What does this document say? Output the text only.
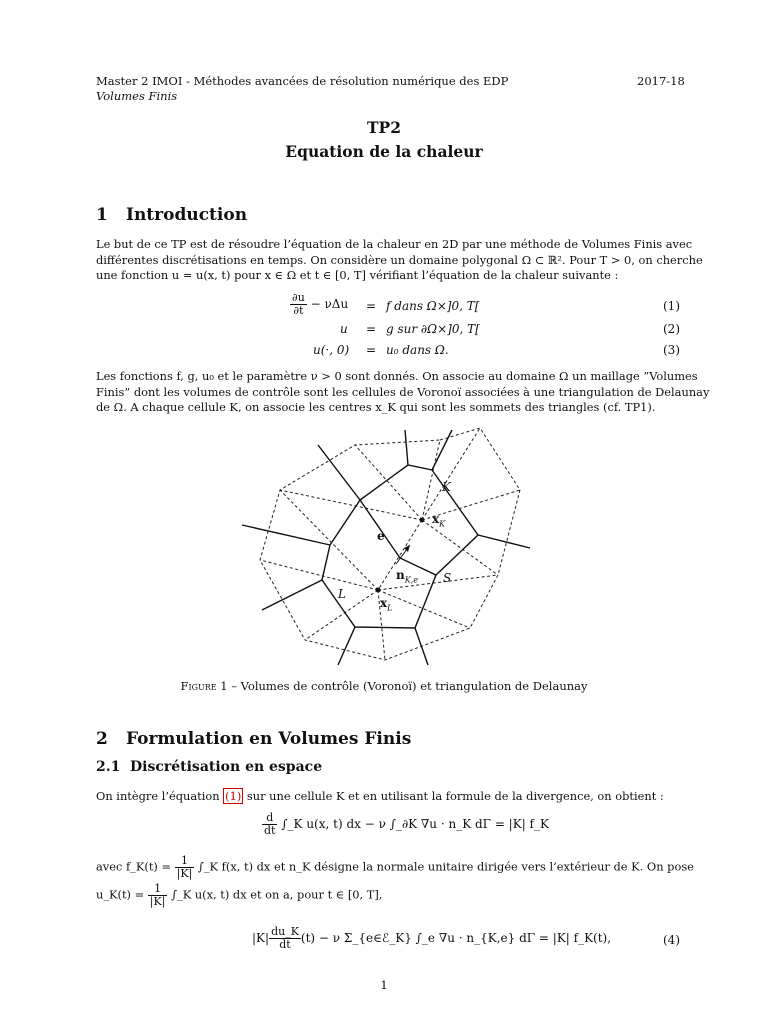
Master 2 IMOI - Méthodes avancées de résolution numérique des EDP	2017-18
Volumes Finis
TP2
Equation de la chaleur
1 Introduction
Le but de ce TP est de résoudre l’équation de la chaleur en 2D par une méthode de Volumes Finis avec
différentes discrétisations en temps. On considère un domaine polygonal Ω ⊂ ℝ². Pour T > 0, on cherche
une fonction u = u(x, t) pour x ∈ Ω et t ∈ [0, T] vérifiant l’équation de la chaleur suivante :
$\frac{\partial u}{\partial t} - \nu\Delta u = f$ dans Ω×]0, T[	(1)
u = g sur ∂Ω×]0, T[	(2)
u(·, 0) = u₀ dans Ω.	(3)
Les fonctions f, g, u₀ et le paramètre ν > 0 sont donnés. On associe au domaine Ω un maillage ”Volumes
Finis” dont les volumes de contrôle sont les cellules de Voronoï associées à une triangulation de Delaunay
de Ω. A chaque cellule K, on associe les centres x_K qui sont les sommets des triangles (cf. TP1).
K
$x_K$
e
$n_{K,e}$ S
L
$x_L$
Figure 1 – Volumes de contrôle (Voronoï) et triangulation de Delaunay
2 Formulation en Volumes Finis
2.1 Discrétisation en espace
On intègre l’équation (1) sur une cellule K et en utilisant la formule de la divergence, on obtient :
$\frac{d}{dt}$ ∫_K u(x, t) dx − ν ∫_∂K ∇u · n_K dΓ = |K| f_K
avec f_K(t) = $\frac{1}{|K|}$ ∫_K f(x, t) dx et n_K désigne la normale unitaire dirigée vers l’extérieur de K. On pose
u_K(t) = $\frac{1}{|K|}$ ∫_K u(x, t) dx et on a, pour t ∈ [0, T],
$|K| \frac{du\_K}{dt} (t) - \nu$ Σ_{e∈ℰ_K} ∫_e ∇u · n_{K,e} dΓ = |K| f_K(t),	(4)
1
